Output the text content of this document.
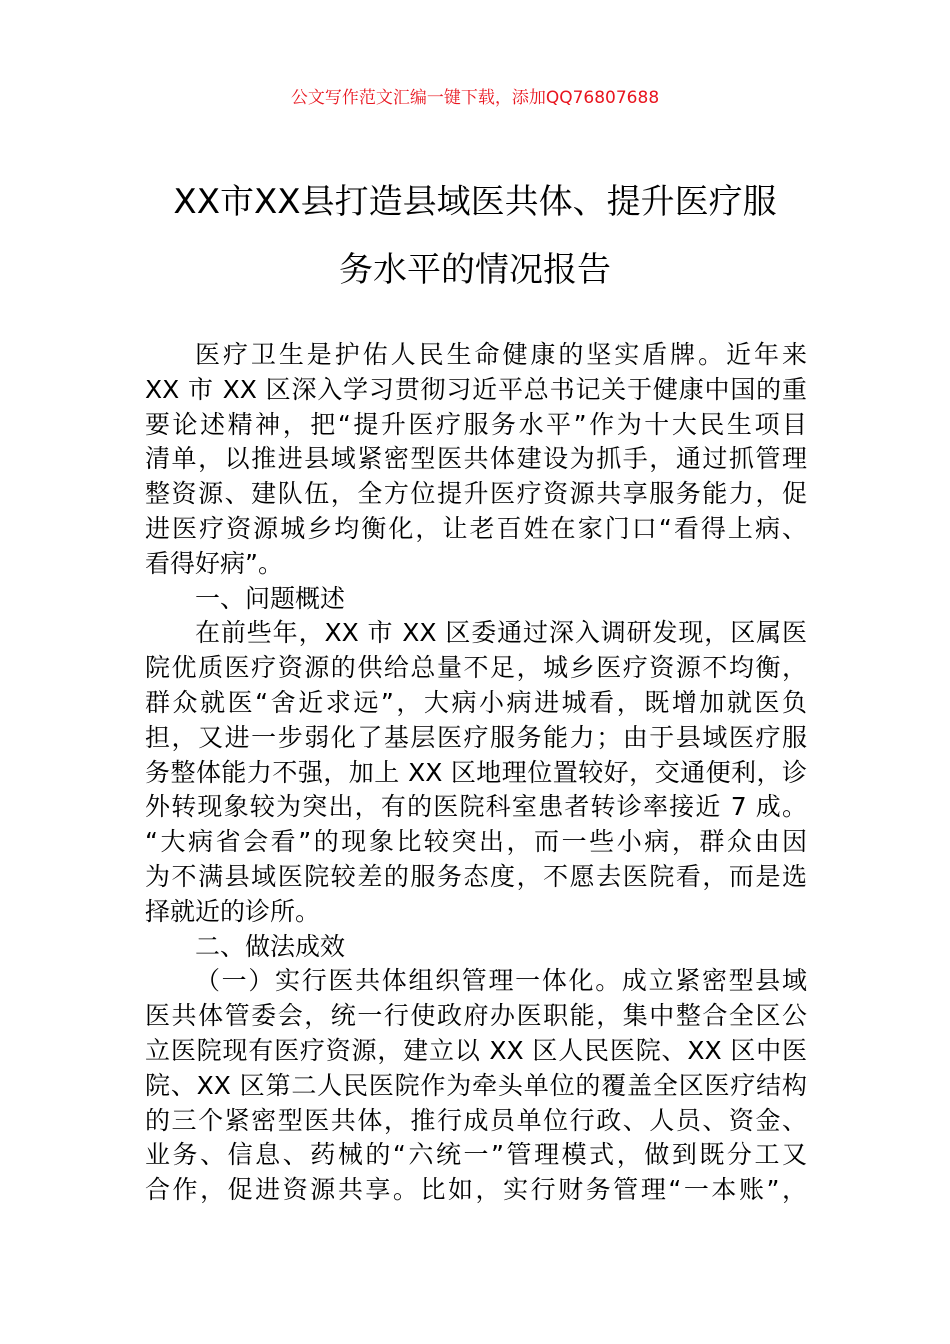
公文写作范文汇编一键下载，添加QQ76807688
XX市XX县打造县域医共体、提升医疗服
务水平的情况报告
医疗卫生是护佑人民生命健康的坚实盾牌。近年来
XX 市 XX 区深入学习贯彻习近平总书记关于健康中国的重
要论述精神，把“提升医疗服务水平”作为十大民生项目
清单，以推进县域紧密型医共体建设为抓手，通过抓管理
整资源、建队伍，全方位提升医疗资源共享服务能力，促
进医疗资源城乡均衡化，让老百姓在家门口“看得上病、
看得好病”。
一、问题概述
在前些年，XX 市 XX 区委通过深入调研发现，区属医
院优质医疗资源的供给总量不足，城乡医疗资源不均衡，
群众就医“舍近求远”，大病小病进城看，既增加就医负
担，又进一步弱化了基层医疗服务能力；由于县域医疗服
务整体能力不强，加上 XX 区地理位置较好，交通便利，诊
外转现象较为突出，有的医院科室患者转诊率接近 7 成。
“大病省会看”的现象比较突出，而一些小病，群众由因
为不满县域医院较差的服务态度，不愿去医院看，而是选
择就近的诊所。
二、做法成效
（一）实行医共体组织管理一体化。成立紧密型县域
医共体管委会，统一行使政府办医职能，集中整合全区公
立医院现有医疗资源，建立以 XX 区人民医院、XX 区中医
院、XX 区第二人民医院作为牵头单位的覆盖全区医疗结构
的三个紧密型医共体，推行成员单位行政、人员、资金、
业务、信息、药械的“六统一”管理模式，做到既分工又
合作，促进资源共享。比如，实行财务管理“一本账”，
